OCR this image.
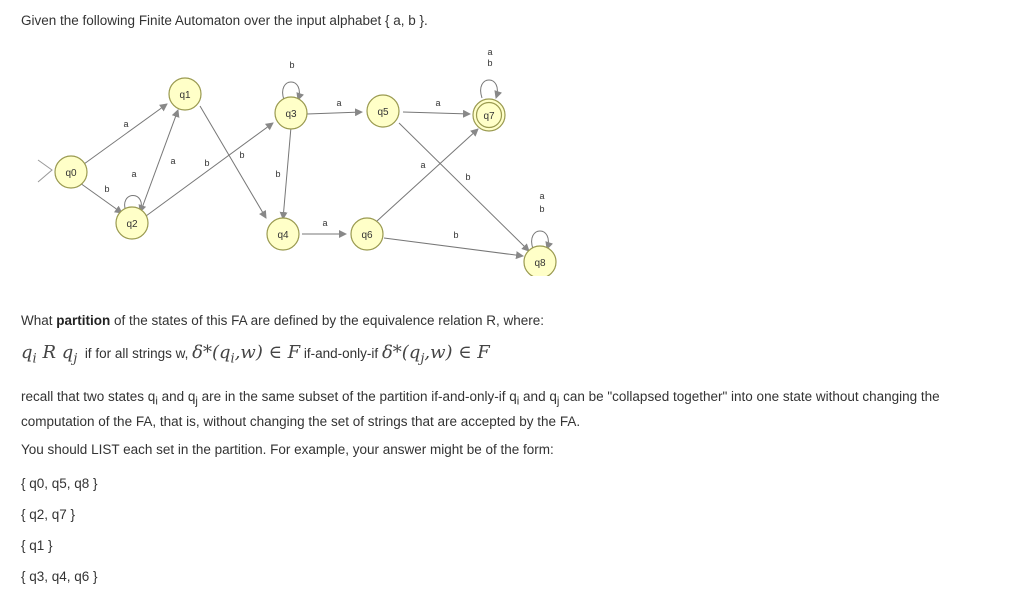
Given the following Finite Automaton over the input alphabet { a, b }.
q0
q1
q2
q3
q4
q5
q6
q7
q8
a
b
a
a	b
b
b
b
a	a
a
b
a
a
b
b
a
b
What partition of the states of this FA are defined by the equivalence relation R, where:
$q_i$ R $q_j$ if for all strings w, $\delta*(q_i,w)$ ∈ F if-and-only-if $\delta*(q_j,w)$ ∈ F
recall that two states $q_i$ and $q_j$ are in the same subset of the partition if-and-only-if $q_i$ and $q_j$ can be "collapsed together" into one state without changing the computation of the FA, that is, without changing the set of strings that are accepted by the FA.
You should LIST each set in the partition. For example, your answer might be of the form:
{ q0, q5, q8 }
{ q2, q7 }
{ q1 }
{ q3, q4, q6 }
